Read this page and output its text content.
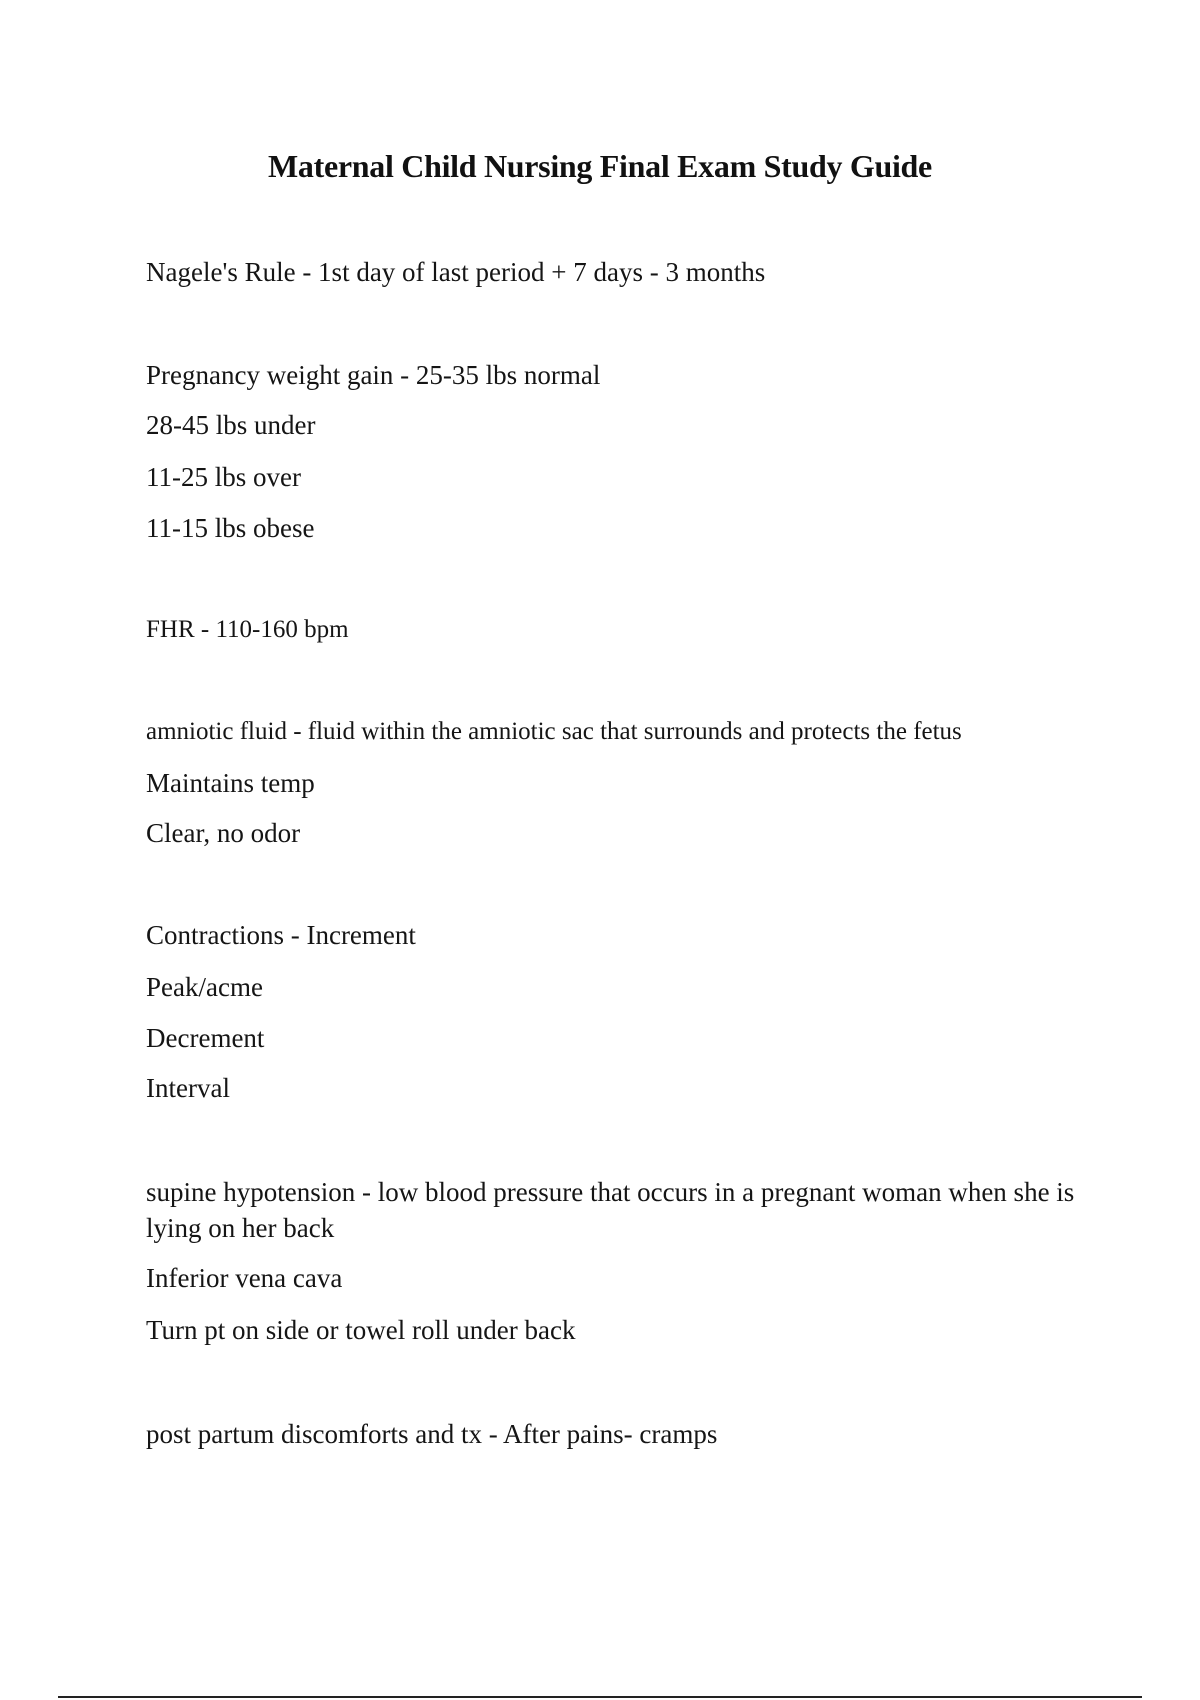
Maternal Child Nursing Final Exam Study Guide
Nagele's Rule - 1st day of last period + 7 days - 3 months
Pregnancy weight gain - 25-35 lbs normal
28-45 lbs under
11-25 lbs over
11-15 lbs obese
FHR - 110-160 bpm
amniotic fluid - fluid within the amniotic sac that surrounds and protects the fetus
Maintains temp
Clear, no odor
Contractions - Increment
Peak/acme
Decrement
Interval
supine hypotension - low blood pressure that occurs in a pregnant woman when she is lying on her back
Inferior vena cava
Turn pt on side or towel roll under back
post partum discomforts and tx - After pains- cramps
